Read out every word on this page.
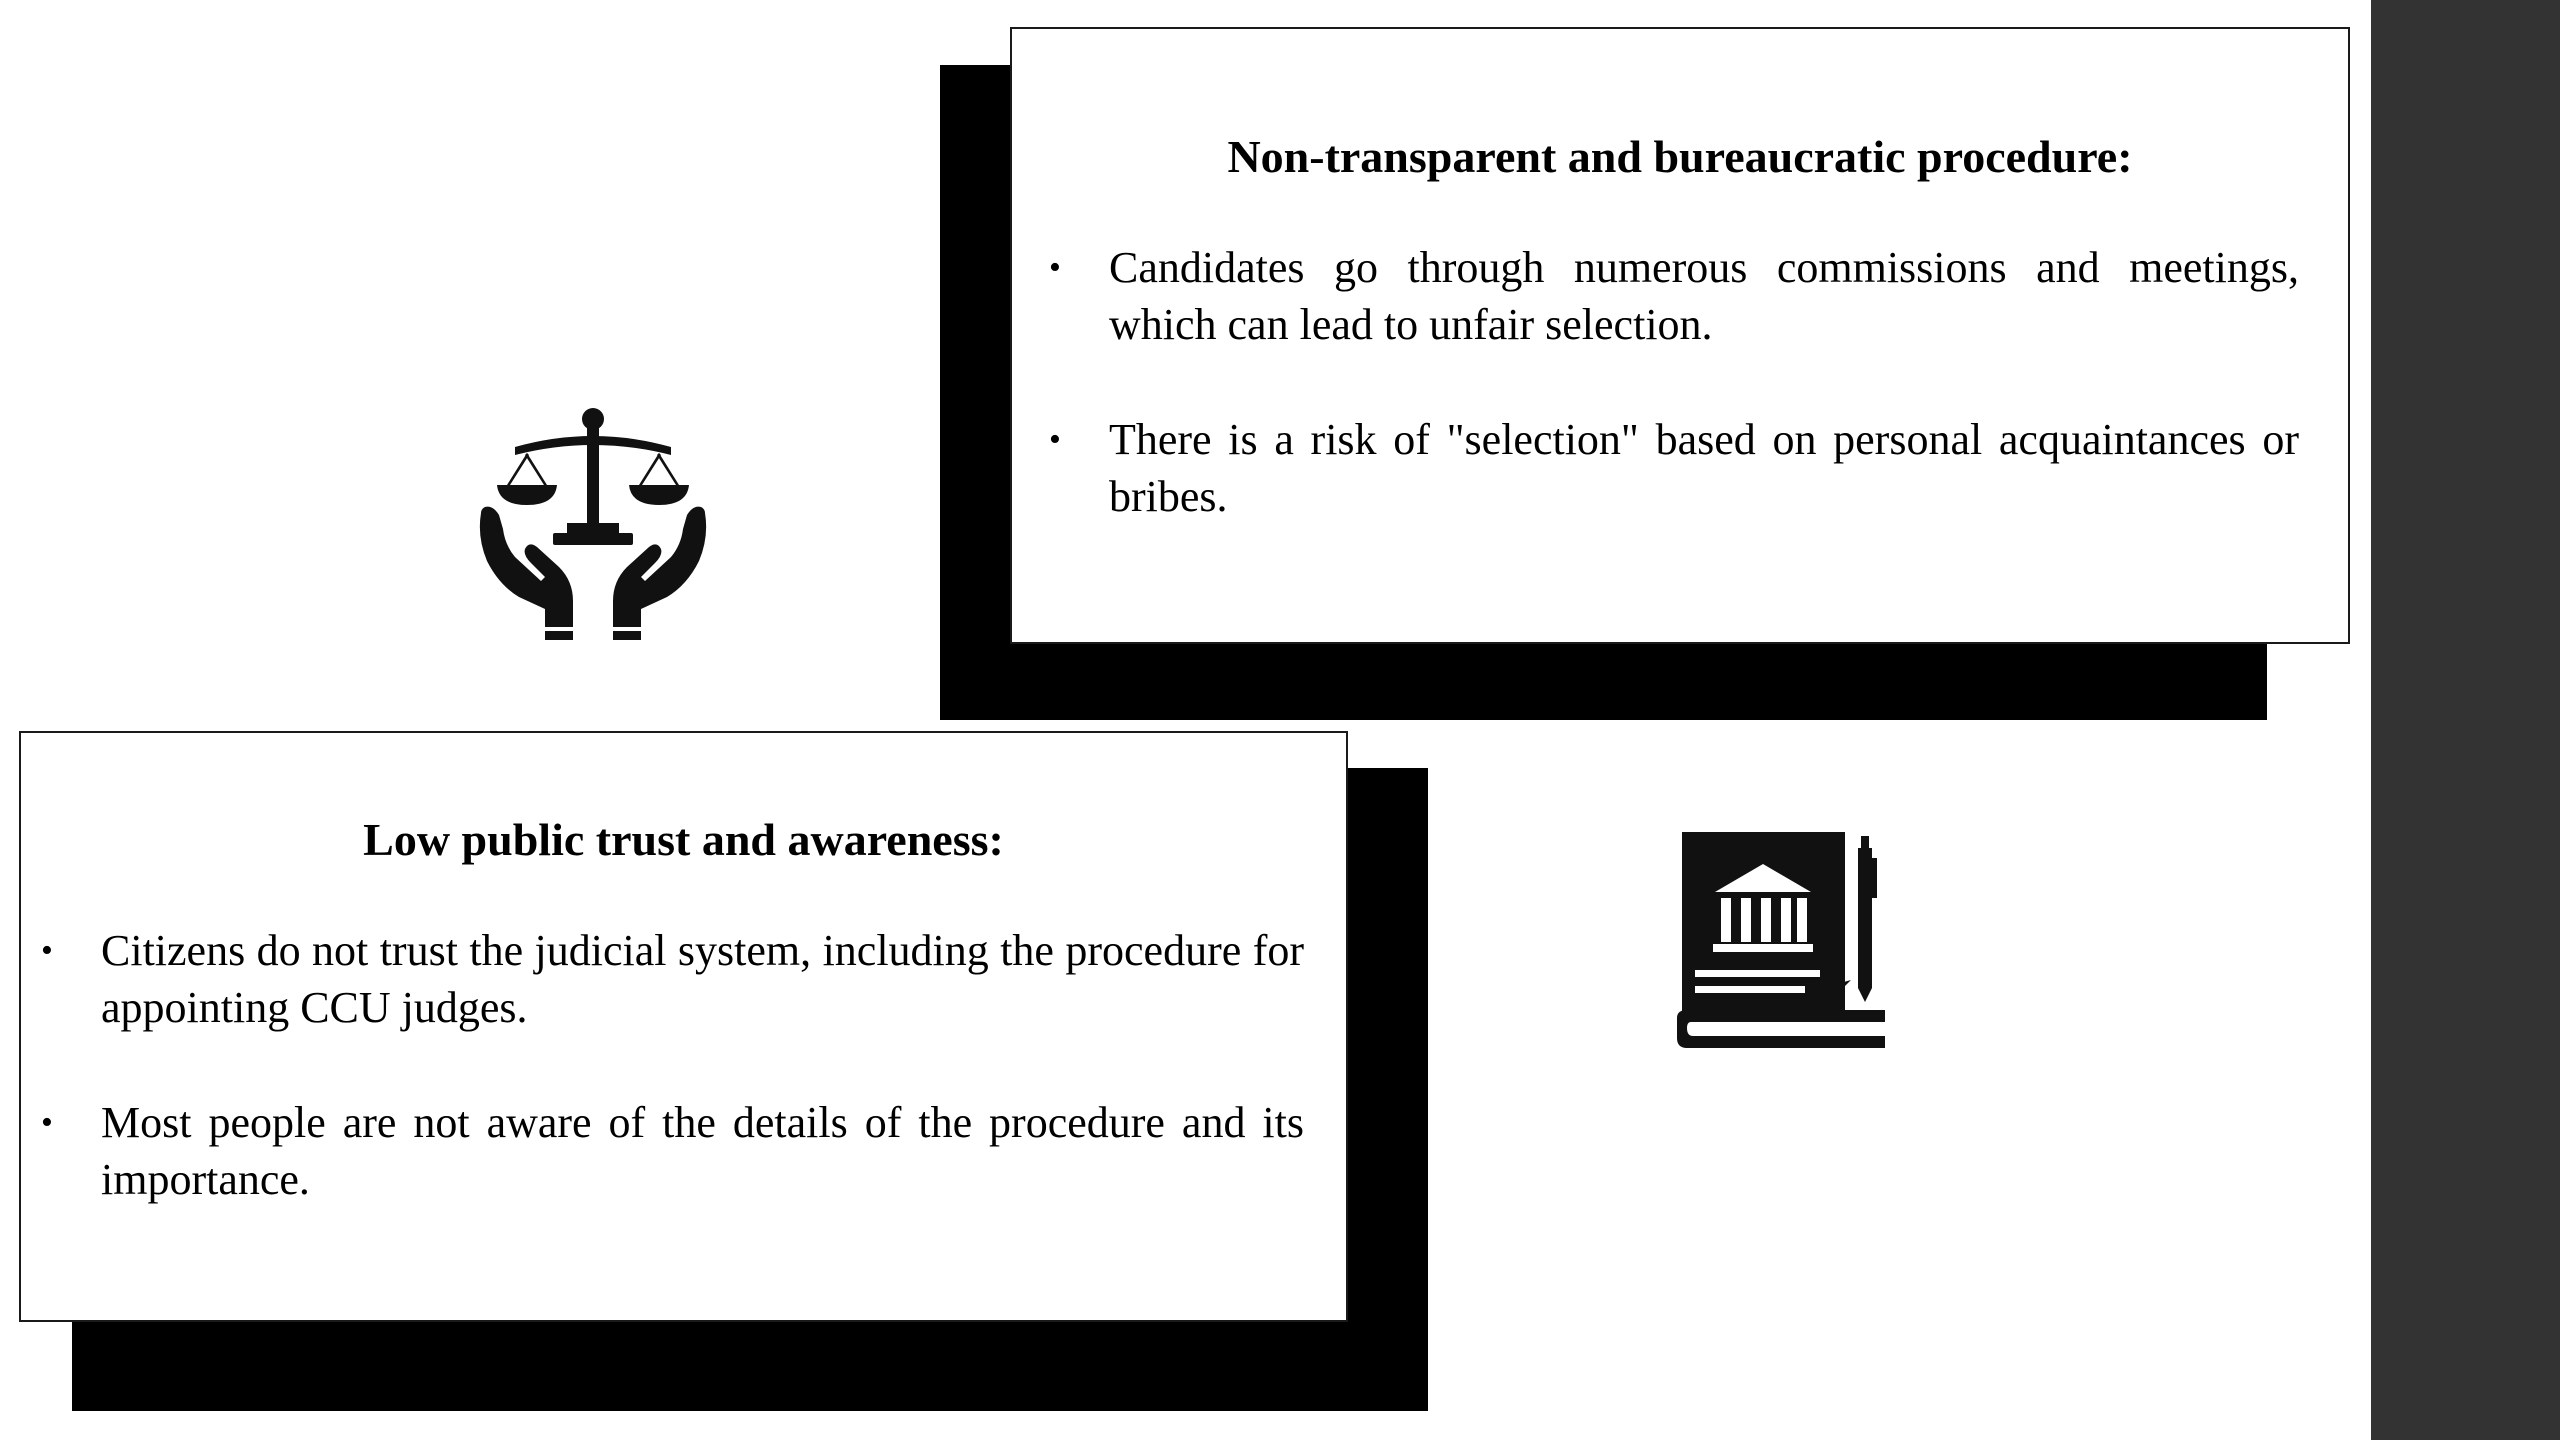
Non-transparent and bureaucratic procedure:

• Candidates go through numerous commissions and meetings, which can lead to unfair selection.
• There is a risk of "selection" based on personal acquaintances or bribes.

Low public trust and awareness:

• Citizens do not trust the judicial system, including the procedure for appointing CCU judges.
• Most people are not aware of the details of the procedure and its importance.
